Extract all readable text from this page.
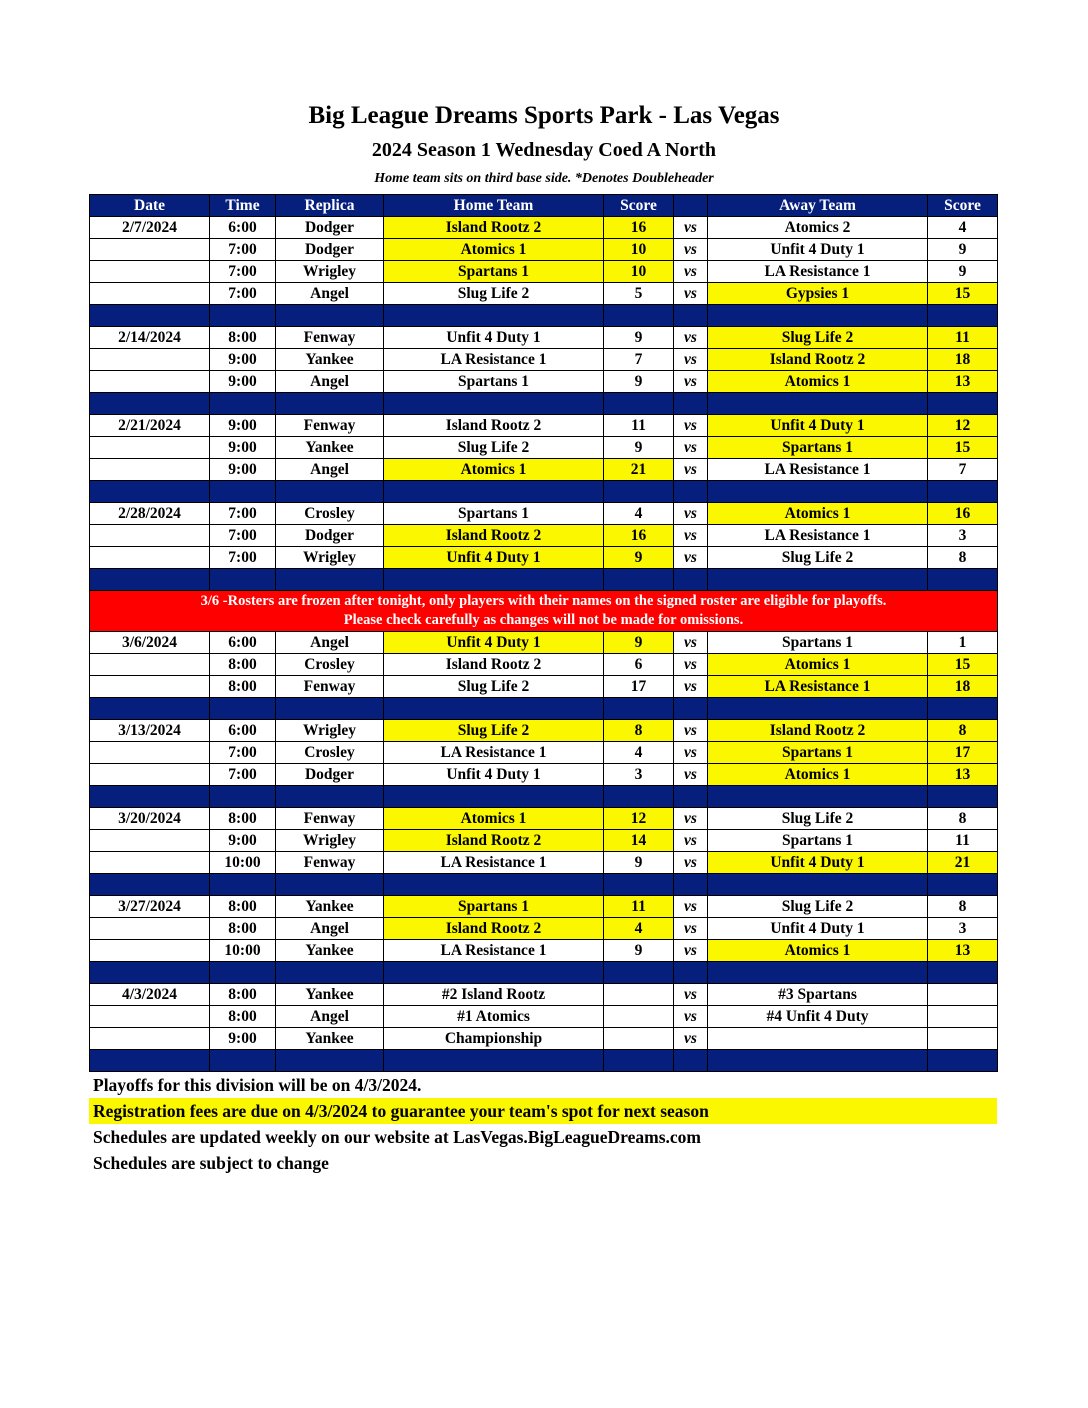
Big League Dreams Sports Park - Las Vegas
2024 Season 1 Wednesday Coed A North
Home team sits on third base side. *Denotes Doubleheader
Date	Time	Replica	Home Team	Score		Away Team	Score
2/7/2024	6:00	Dodger	Island Rootz 2	16	vs	Atomics 2	4
	7:00	Dodger	Atomics 1	10	vs	Unfit 4 Duty 1	9
	7:00	Wrigley	Spartans 1	10	vs	LA Resistance 1	9
	7:00	Angel	Slug Life 2	5	vs	Gypsies 1	15

2/14/2024	8:00	Fenway	Unfit 4 Duty 1	9	vs	Slug Life 2	11
	9:00	Yankee	LA Resistance 1	7	vs	Island Rootz 2	18
	9:00	Angel	Spartans 1	9	vs	Atomics 1	13

2/21/2024	9:00	Fenway	Island Rootz 2	11	vs	Unfit 4 Duty 1	12
	9:00	Yankee	Slug Life 2	9	vs	Spartans 1	15
	9:00	Angel	Atomics 1	21	vs	LA Resistance 1	7

2/28/2024	7:00	Crosley	Spartans 1	4	vs	Atomics 1	16
	7:00	Dodger	Island Rootz 2	16	vs	LA Resistance 1	3
	7:00	Wrigley	Unfit 4 Duty 1	9	vs	Slug Life 2	8

3/6 -Rosters are frozen after tonight, only players with their names on the signed roster are eligible for playoffs.
Please check carefully as changes will not be made for omissions.							

3/6/2024	6:00	Angel	Unfit 4 Duty 1	9	vs	Spartans 1	1
	8:00	Crosley	Island Rootz 2	6	vs	Atomics 1	15
	8:00	Fenway	Slug Life 2	17	vs	LA Resistance 1	18

3/13/2024	6:00	Wrigley	Slug Life 2	8	vs	Island Rootz 2	8
	7:00	Crosley	LA Resistance 1	4	vs	Spartans 1	17
	7:00	Dodger	Unfit 4 Duty 1	3	vs	Atomics 1	13

3/20/2024	8:00	Fenway	Atomics 1	12	vs	Slug Life 2	8
	9:00	Wrigley	Island Rootz 2	14	vs	Spartans 1	11
	10:00	Fenway	LA Resistance 1	9	vs	Unfit 4 Duty 1	21

3/27/2024	8:00	Yankee	Spartans 1	11	vs	Slug Life 2	8
	8:00	Angel	Island Rootz 2	4	vs	Unfit 4 Duty 1	3
	10:00	Yankee	LA Resistance 1	9	vs	Atomics 1	13

4/3/2024	8:00	Yankee	#2 Island Rootz		vs	#3 Spartans	
	8:00	Angel	#1 Atomics		vs	#4 Unfit 4 Duty	
	9:00	Yankee	Championship		vs		

Playoffs for this division will be on 4/3/2024.
Registration fees are due on 4/3/2024 to guarantee your team's spot for next season
Schedules are updated weekly on our website at LasVegas.BigLeagueDreams.com
Schedules are subject to change
